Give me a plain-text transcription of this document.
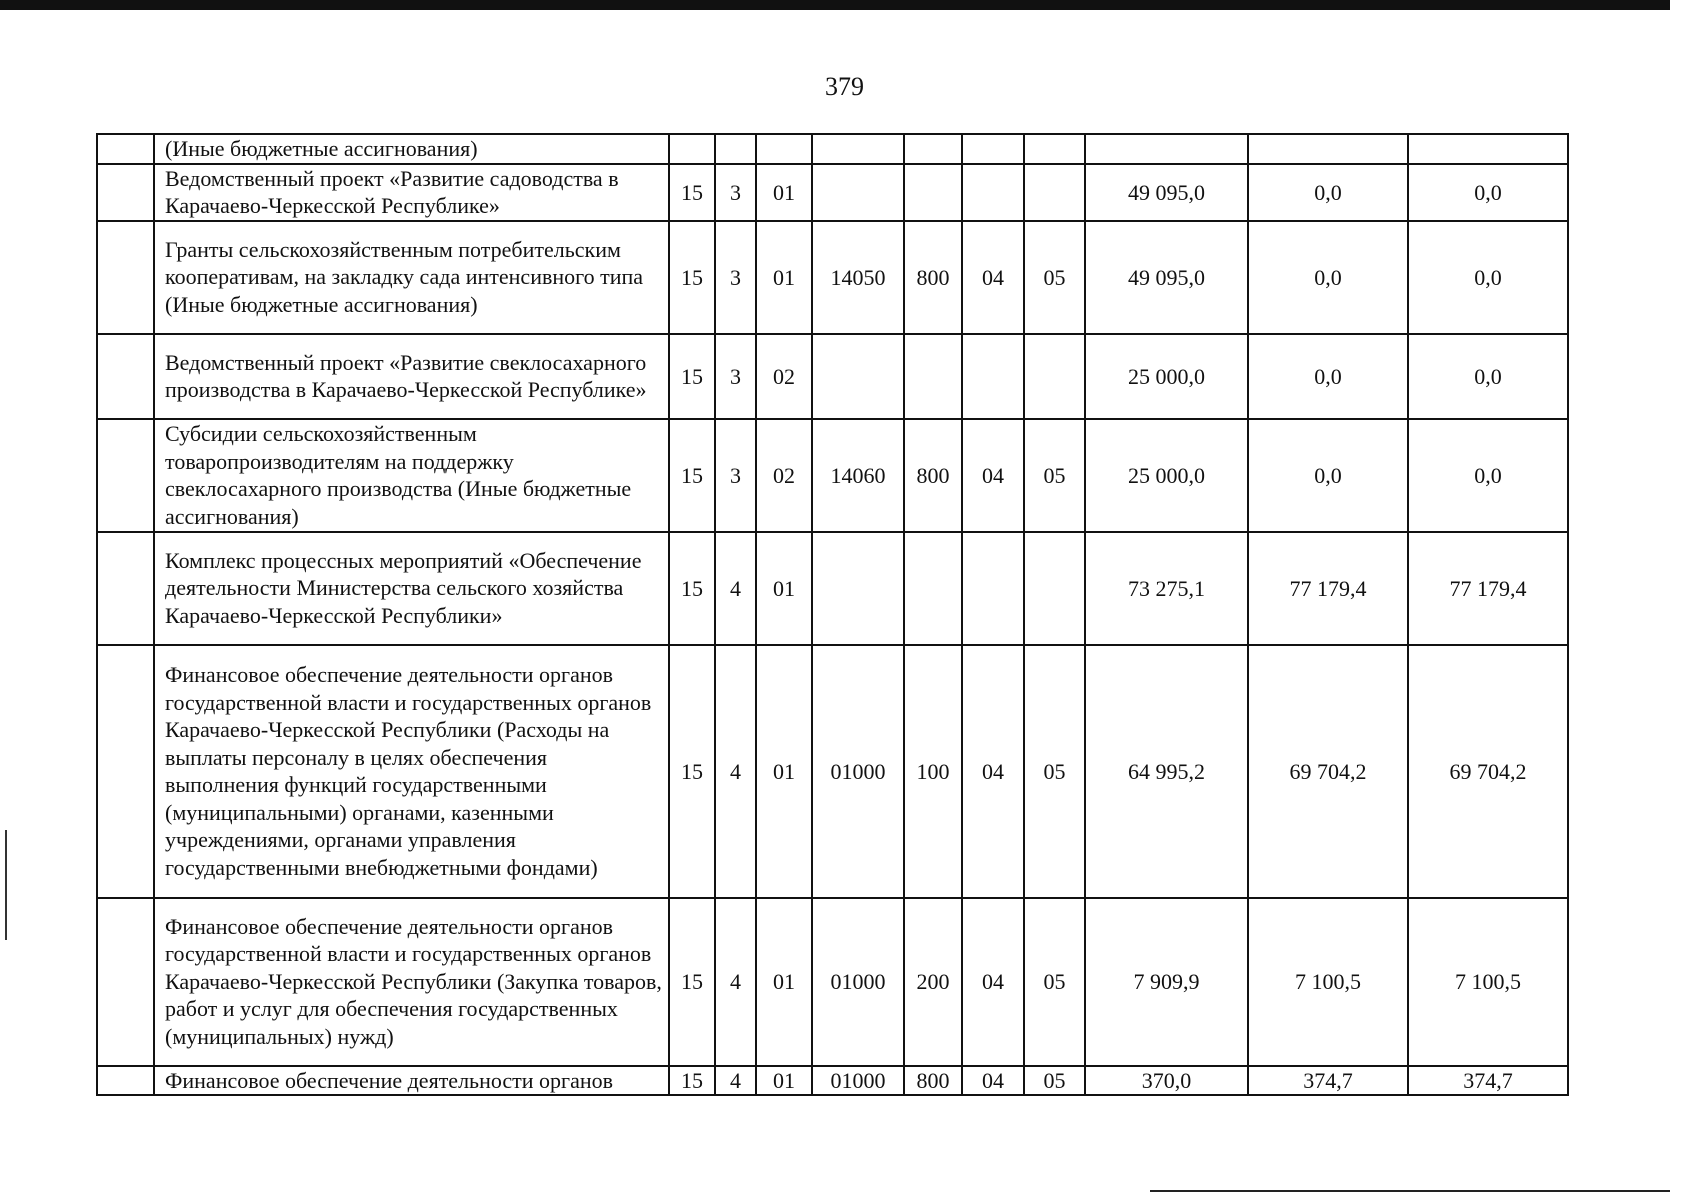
379
	(Иные бюджетные ассигнования)										
	Ведомственный проект «Развитие садоводства в Карачаево-Черкесской Республике»	15	3	01					49 095,0	0,0	0,0
	Гранты сельскохозяйственным потребительским кооперативам, на закладку сада интенсивного типа (Иные бюджетные ассигнования)	15	3	01	14050	800	04	05	49 095,0	0,0	0,0
	Ведомственный проект «Развитие свеклосахарного производства в Карачаево-Черкесской Республике»	15	3	02					25 000,0	0,0	0,0
	Субсидии сельскохозяйственным товаропроизводителям на поддержку свеклосахарного производства (Иные бюджетные ассигнования)	15	3	02	14060	800	04	05	25 000,0	0,0	0,0
	Комплекс процессных мероприятий «Обеспечение деятельности Министерства сельского хозяйства Карачаево-Черкесской Республики»	15	4	01					73 275,1	77 179,4	77 179,4
	Финансовое обеспечение деятельности органов государственной власти и государственных органов Карачаево-Черкесской Республики (Расходы на выплаты персоналу в целях обеспечения выполнения функций государственными (муниципальными) органами, казенными учреждениями, органами управления государственными внебюджетными фондами)	15	4	01	01000	100	04	05	64 995,2	69 704,2	69 704,2
	Финансовое обеспечение деятельности органов государственной власти и государственных органов Карачаево-Черкесской Республики (Закупка товаров, работ и услуг для обеспечения государственных (муниципальных) нужд)	15	4	01	01000	200	04	05	7 909,9	7 100,5	7 100,5
	Финансовое обеспечение деятельности органов	15	4	01	01000	800	04	05	370,0	374,7	374,7
